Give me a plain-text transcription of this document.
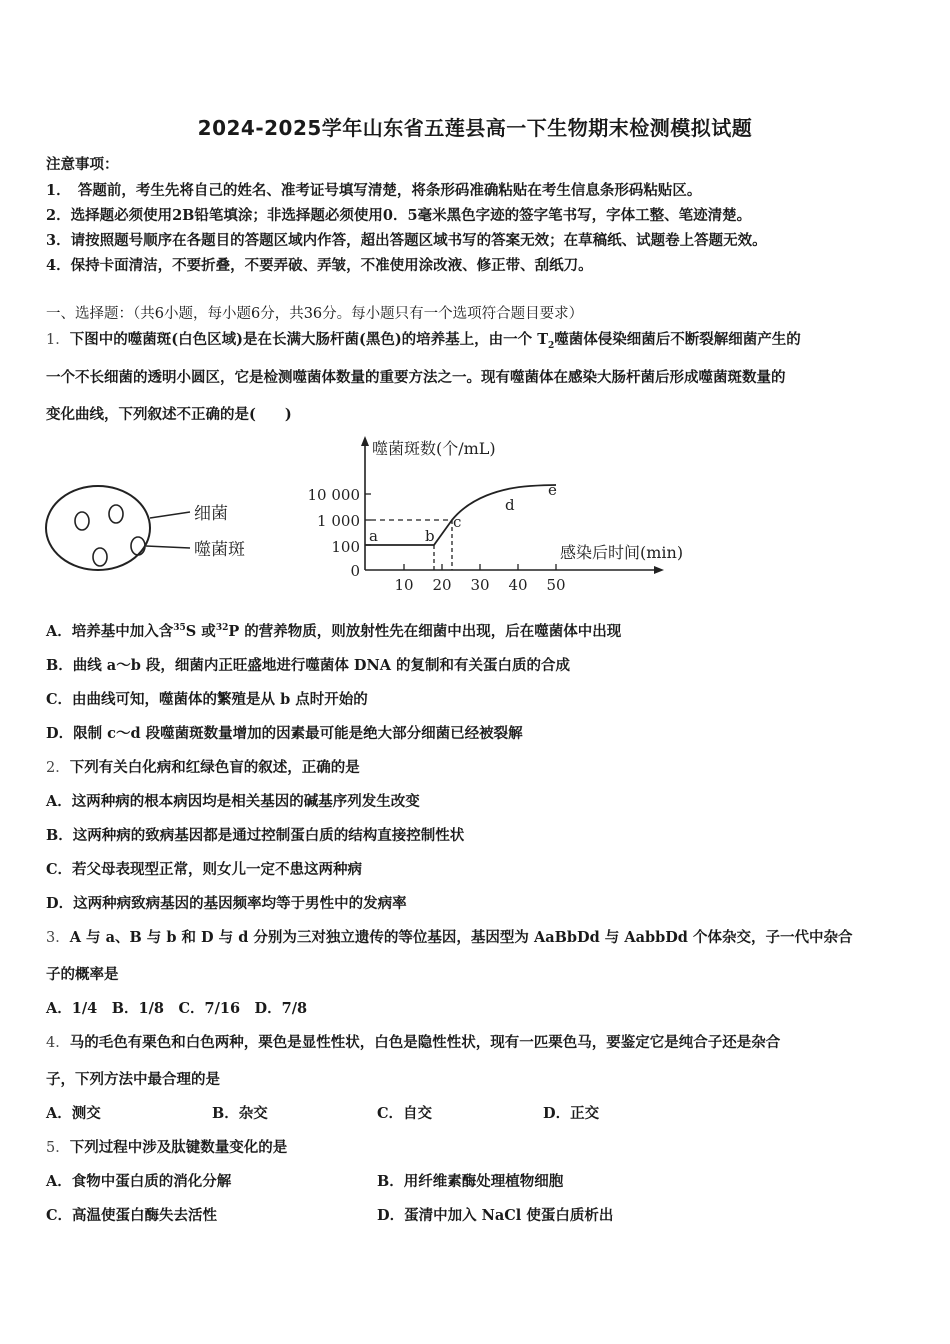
2024-2025学年山东省五莲县高一下生物期末检测模拟试题
注意事项：
1．　答题前，考生先将自己的姓名、准考证号填写清楚，将条形码准确粘贴在考生信息条形码粘贴区。
2．选择题必须使用2B铅笔填涂；非选择题必须使用0．5毫米黑色字迹的签字笔书写，字体工整、笔迹清楚。
3．请按照题号顺序在各题目的答题区域内作答，超出答题区域书写的答案无效；在草稿纸、试题卷上答题无效。
4．保持卡面清洁，不要折叠，不要弄破、弄皱，不准使用涂改液、修正带、刮纸刀。
一、选择题：（共6小题，每小题6分，共36分。每小题只有一个选项符合题目要求）
1．下图中的噬菌斑(白色区域)是在长满大肠杆菌(黑色)的培养基上，由一个 $T_2$噬菌体侵染细菌后不断裂解细菌产生的
一个不长细菌的透明小圆区，它是检测噬菌体数量的重要方法之一。现有噬菌体在感染大肠杆菌后形成噬菌斑数量的
变化曲线，下列叙述不正确的是(　　)
细菌
噬菌斑
噬菌斑数(个/mL)
感染后时间(min)
10 000
1 000
100
0
10 20 30 40 50
a	b
c
d
e
A．培养基中加入含$^{35}$S 或$^{32}$P 的营养物质，则放射性先在细菌中出现，后在噬菌体中出现
B．曲线 a～b 段，细菌内正旺盛地进行噬菌体 DNA 的复制和有关蛋白质的合成
C．由曲线可知，噬菌体的繁殖是从 b 点时开始的
D．限制 c～d 段噬菌斑数量增加的因素最可能是绝大部分细菌已经被裂解
2．下列有关白化病和红绿色盲的叙述，正确的是
A．这两种病的根本病因均是相关基因的碱基序列发生改变
B．这两种病的致病基因都是通过控制蛋白质的结构直接控制性状
C．若父母表现型正常，则女儿一定不患这两种病
D．这两种病致病基因的基因频率均等于男性中的发病率
3．A 与 a、B 与 b 和 D 与 d 分别为三对独立遗传的等位基因，基因型为 AaBbDd 与 AabbDd 个体杂交，子一代中杂合
子的概率是
A．1/4　B．1/8　C．7/16　D．7/8
4．马的毛色有栗色和白色两种，栗色是显性性状，白色是隐性性状，现有一匹栗色马，要鉴定它是纯合子还是杂合
子，下列方法中最合理的是
A．测交	B．杂交	C．自交	D．正交
5．下列过程中涉及肽键数量变化的是
A．食物中蛋白质的消化分解	B．用纤维素酶处理植物细胞
C．高温使蛋白酶失去活性	D．蛋清中加入 NaCl 使蛋白质析出
